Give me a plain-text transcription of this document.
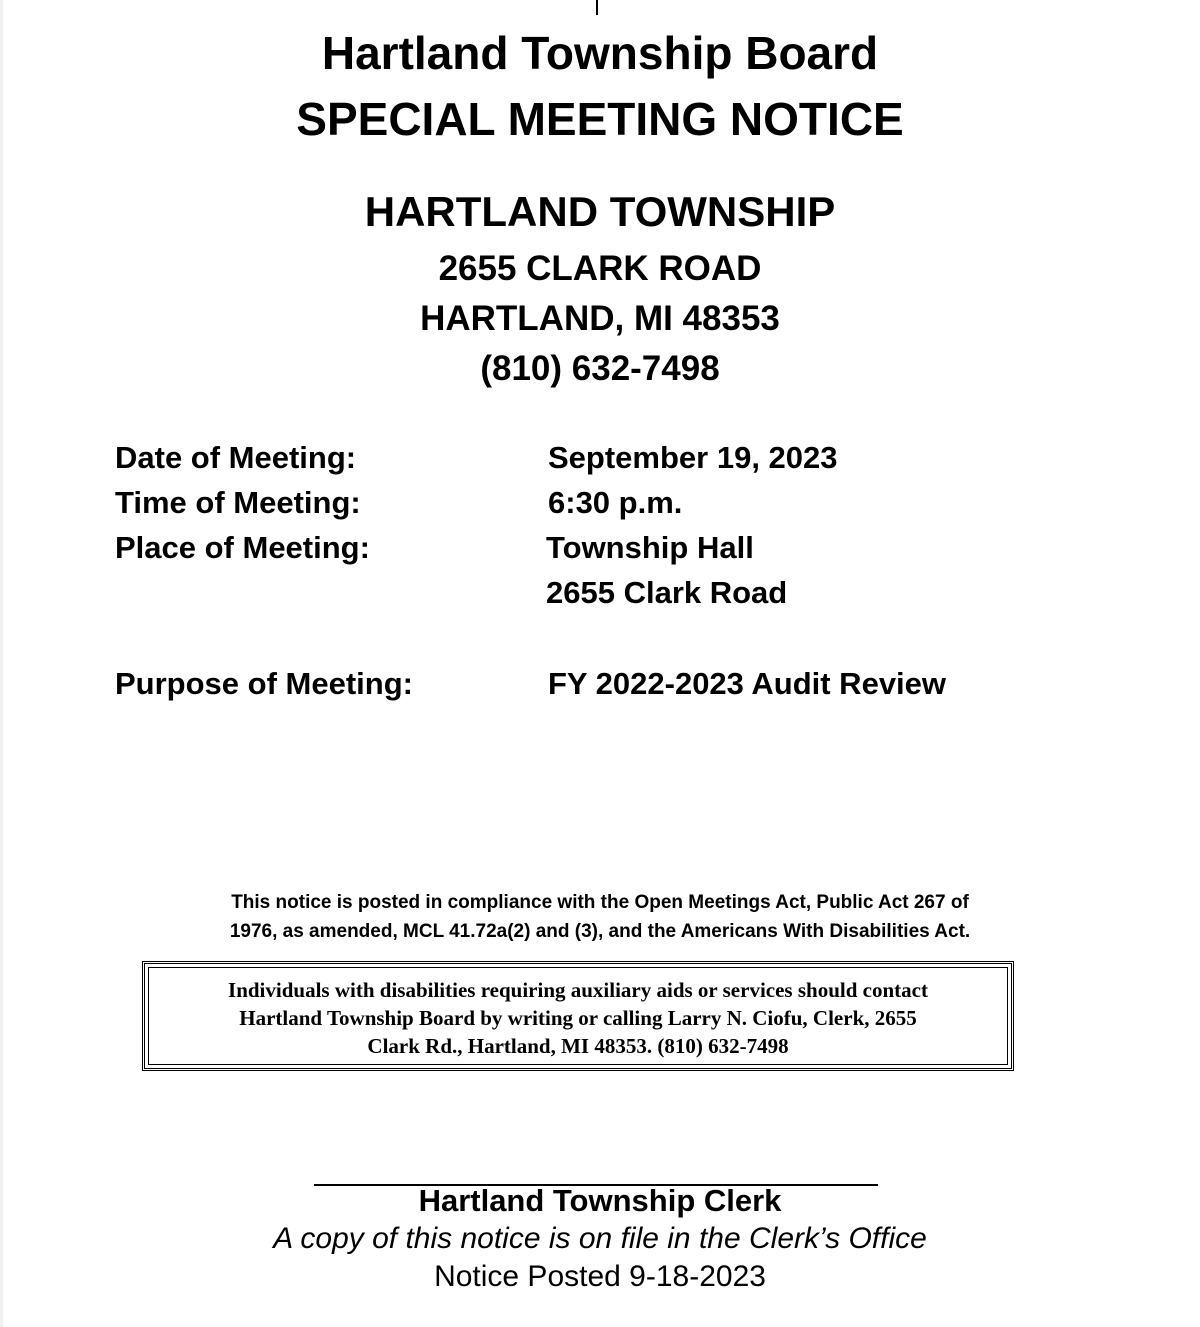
Hartland Township Board
SPECIAL MEETING NOTICE
HARTLAND TOWNSHIP
2655 CLARK ROAD
HARTLAND, MI 48353
(810) 632-7498
Date of Meeting:	September 19, 2023
Time of Meeting:	6:30 p.m.
Place of Meeting:	Township Hall
2655 Clark Road
Purpose of Meeting:	FY 2022-2023 Audit Review
This notice is posted in compliance with the Open Meetings Act, Public Act 267 of
1976, as amended, MCL 41.72a(2) and (3), and the Americans With Disabilities Act.
Individuals with disabilities requiring auxiliary aids or services should contact
Hartland Township Board by writing or calling Larry N. Ciofu, Clerk, 2655
Clark Rd., Hartland, MI 48353. (810) 632-7498
Hartland Township Clerk
A copy of this notice is on file in the Clerk’s Office
Notice Posted 9-18-2023
